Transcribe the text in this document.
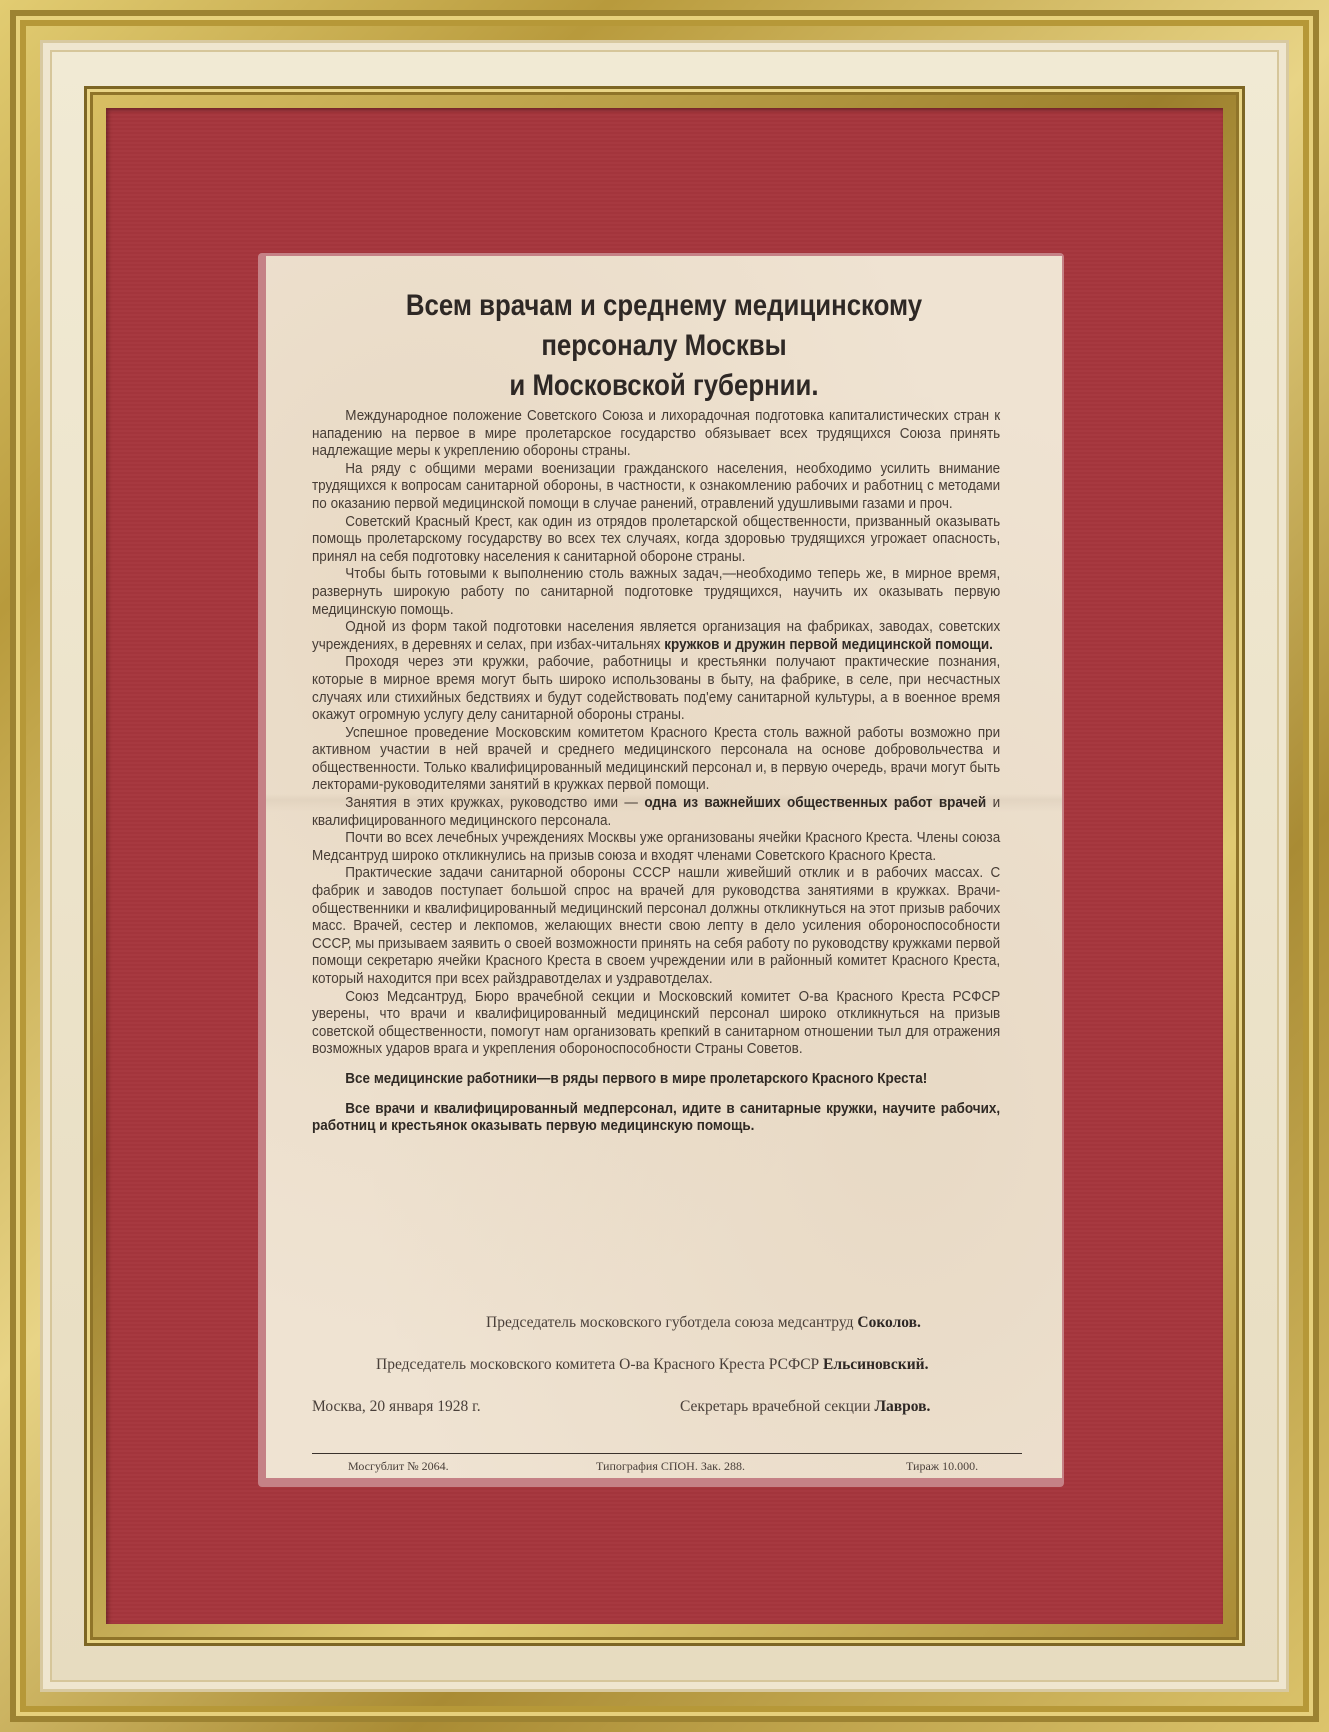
Всем врачам и среднему медицинскому персоналу Москвы
и Московской губернии.

Международное положение Советского Союза и лихорадочная подготовка капиталистических стран к нападению на первое в мире пролетарское государство обязывает всех трудящихся Союза принять надлежащие меры к укреплению обороны страны.

На ряду с общими мерами военизации гражданского населения, необходимо усилить внимание трудящихся к вопросам санитарной обороны, в частности, к ознакомлению рабочих и работниц с методами по оказанию первой медицинской помощи в случае ранений, отравлений удушливыми газами и проч.

Советский Красный Крест, как один из отрядов пролетарской общественности, призванный оказывать помощь пролетарскому государству во всех тех случаях, когда здоровью трудящихся угрожает опасность, принял на себя подготовку населения к санитарной обороне страны.

Чтобы быть готовыми к выполнению столь важных задач,—необходимо теперь же, в мирное время, развернуть широкую работу по санитарной подготовке трудящихся, научить их оказывать первую медицинскую помощь.

Одной из форм такой подготовки населения является организация на фабриках, заводах, советских учреждениях, в деревнях и селах, при избах-читальнях кружков и дружин первой медицинской помощи.

Проходя через эти кружки, рабочие, работницы и крестьянки получают практические познания, которые в мирное время могут быть широко использованы в быту, на фабрике, в селе, при несчастных случаях или стихийных бедствиях и будут содействовать под'ему санитарной культуры, а в военное время окажут огромную услугу делу санитарной обороны страны.

Успешное проведение Московским комитетом Красного Креста столь важной работы возможно при активном участии в ней врачей и среднего медицинского персонала на основе добровольчества и общественности. Только квалифицированный медицинский персонал и, в первую очередь, врачи могут быть лекторами-руководителями занятий в кружках первой помощи.

Занятия в этих кружках, руководство ими — одна из важнейших общественных работ врачей и квалифицированного медицинского персонала.

Почти во всех лечебных учреждениях Москвы уже организованы ячейки Красного Креста. Члены союза Медсантруд широко откликнулись на призыв союза и входят членами Советского Красного Креста.

Практические задачи санитарной обороны СССР нашли живейший отклик и в рабочих массах. С фабрик и заводов поступает большой спрос на врачей для руководства занятиями в кружках. Врачи-общественники и квалифицированный медицинский персонал должны откликнуться на этот призыв рабочих масс. Врачей, сестер и лекпомов, желающих внести свою лепту в дело усиления обороноспособности СССР, мы призываем заявить о своей возможности принять на себя работу по руководству кружками первой помощи секретарю ячейки Красного Креста в своем учреждении или в районный комитет Красного Креста, который находится при всех райздравотделах и уздравотделах.

Союз Медсантруд, Бюро врачебной секции и Московский комитет О-ва Красного Креста РСФСР уверены, что врачи и квалифицированный медицинский персонал широко откликнуться на призыв советской общественности, помогут нам организовать крепкий в санитарном отношении тыл для отражения возможных ударов врага и укрепления обороноспособности Страны Советов.

Все медицинские работники—в ряды первого в мире пролетарского Красного Креста!

Все врачи и квалифицированный медперсонал, идите в санитарные кружки, научите рабочих, работниц и крестьянок оказывать первую медицинскую помощь.

Председатель московского губотдела союза медсантруд Соколов.
Председатель московского комитета О-ва Красного Креста РСФСР Ельсиновский.
Москва, 20 января 1928 г.	Секретарь врачебной секции Лавров.
Мосгублит № 2064.	Типография СПОН. Зак. 288.	Тираж 10.000.
